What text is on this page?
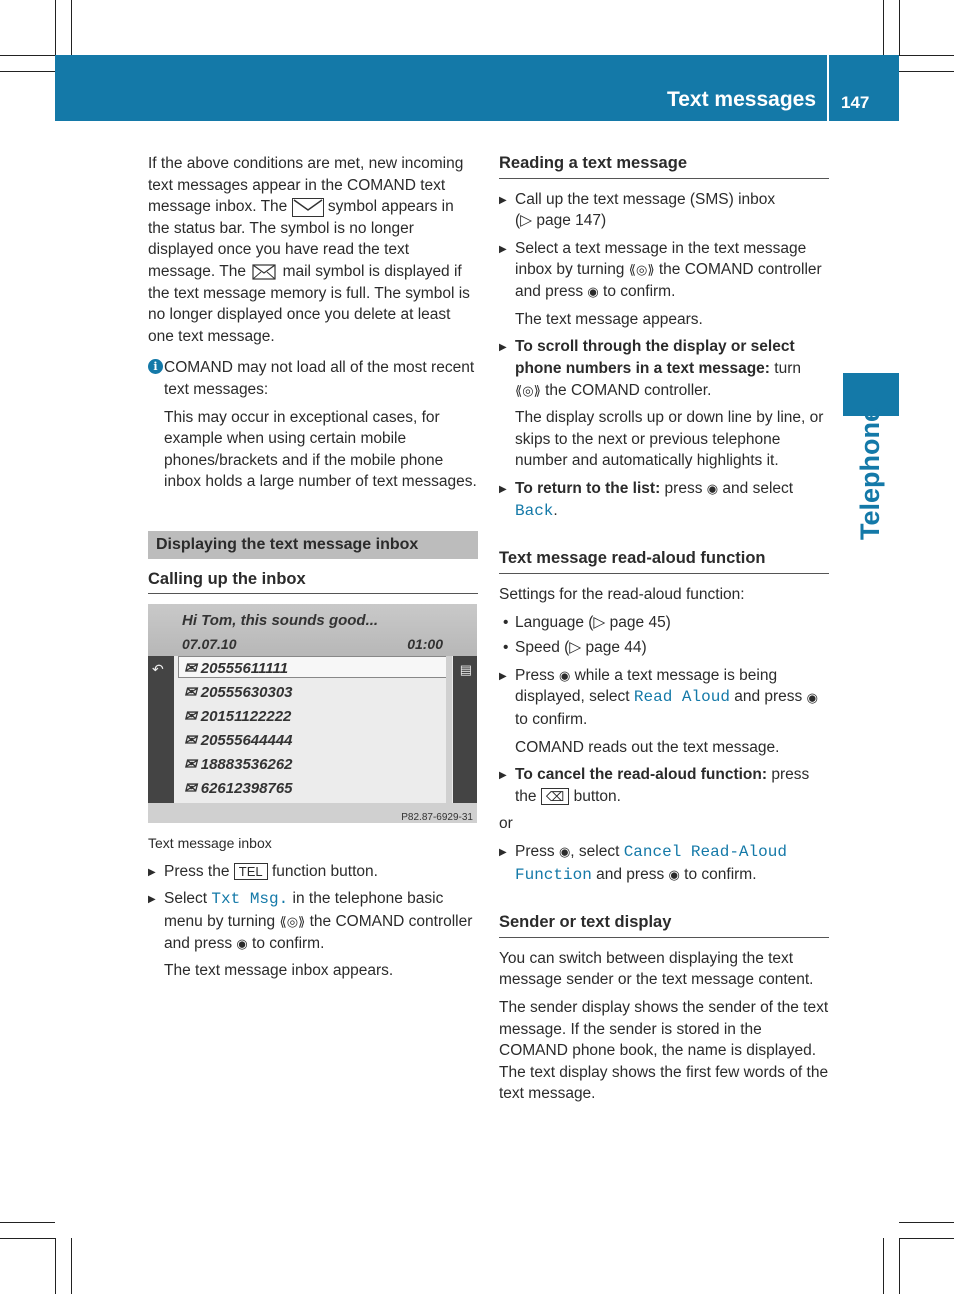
Text messages 147
Telephone

If the above conditions are met, new incoming text messages appear in the COMAND text message inbox. The	symbol appears in the status bar. The symbol is no longer displayed once you have read the text message. The mail symbol is displayed if the text message memory is full. The symbol is no longer displayed once you delete at least one text message.

i COMAND may not load all of the most recent text messages:

This may occur in exceptional cases, for example when using certain mobile phones/brackets and if the mobile phone inbox holds a large number of text messages.

Displaying the text message inbox
Calling up the inbox
Hi Tom, this sounds good...
07.07.10	01:00
↶	▤
✉ 20555611111
✉ 20555630303
✉ 20151122222
✉ 20555644444
✉ 18883536262
✉ 62612398765
P82.87-6929-31

Text message inbox

▶ Press the TEL function button.
▶ Select Txt Msg. in the telephone basic menu by turning ⟪◎⟫ the COMAND controller and press ◉ to confirm.

The text message inbox appears.

Reading a text message
▶ Call up the text message (SMS) inbox
(▷ page 147)
▶ Select a text message in the text message inbox by turning ⟪◎⟫ the COMAND controller and press ◉ to confirm.

The text message appears.

▶ To scroll through the display or select phone numbers in a text message: turn ⟪◎⟫ the COMAND controller.

The display scrolls up or down line by line, or skips to the next or previous telephone number and automatically highlights it.

▶ To return to the list: press ◉ and select Back.
Text message read-aloud function

Settings for the read-aloud function:

• Language (▷ page 45)
• Speed (▷ page 44)
▶ Press ◉ while a text message is being displayed, select Read Aloud and press ◉ to confirm.

COMAND reads out the text message.

▶ To cancel the read-aloud function: press the ⌫ button.

or

▶ Press ◉, select Cancel Read-Aloud Function and press ◉ to confirm.
Sender or text display

You can switch between displaying the text message sender or the text message content.

The sender display shows the sender of the text message. If the sender is stored in the COMAND phone book, the name is displayed. The text display shows the first few words of the text message.
